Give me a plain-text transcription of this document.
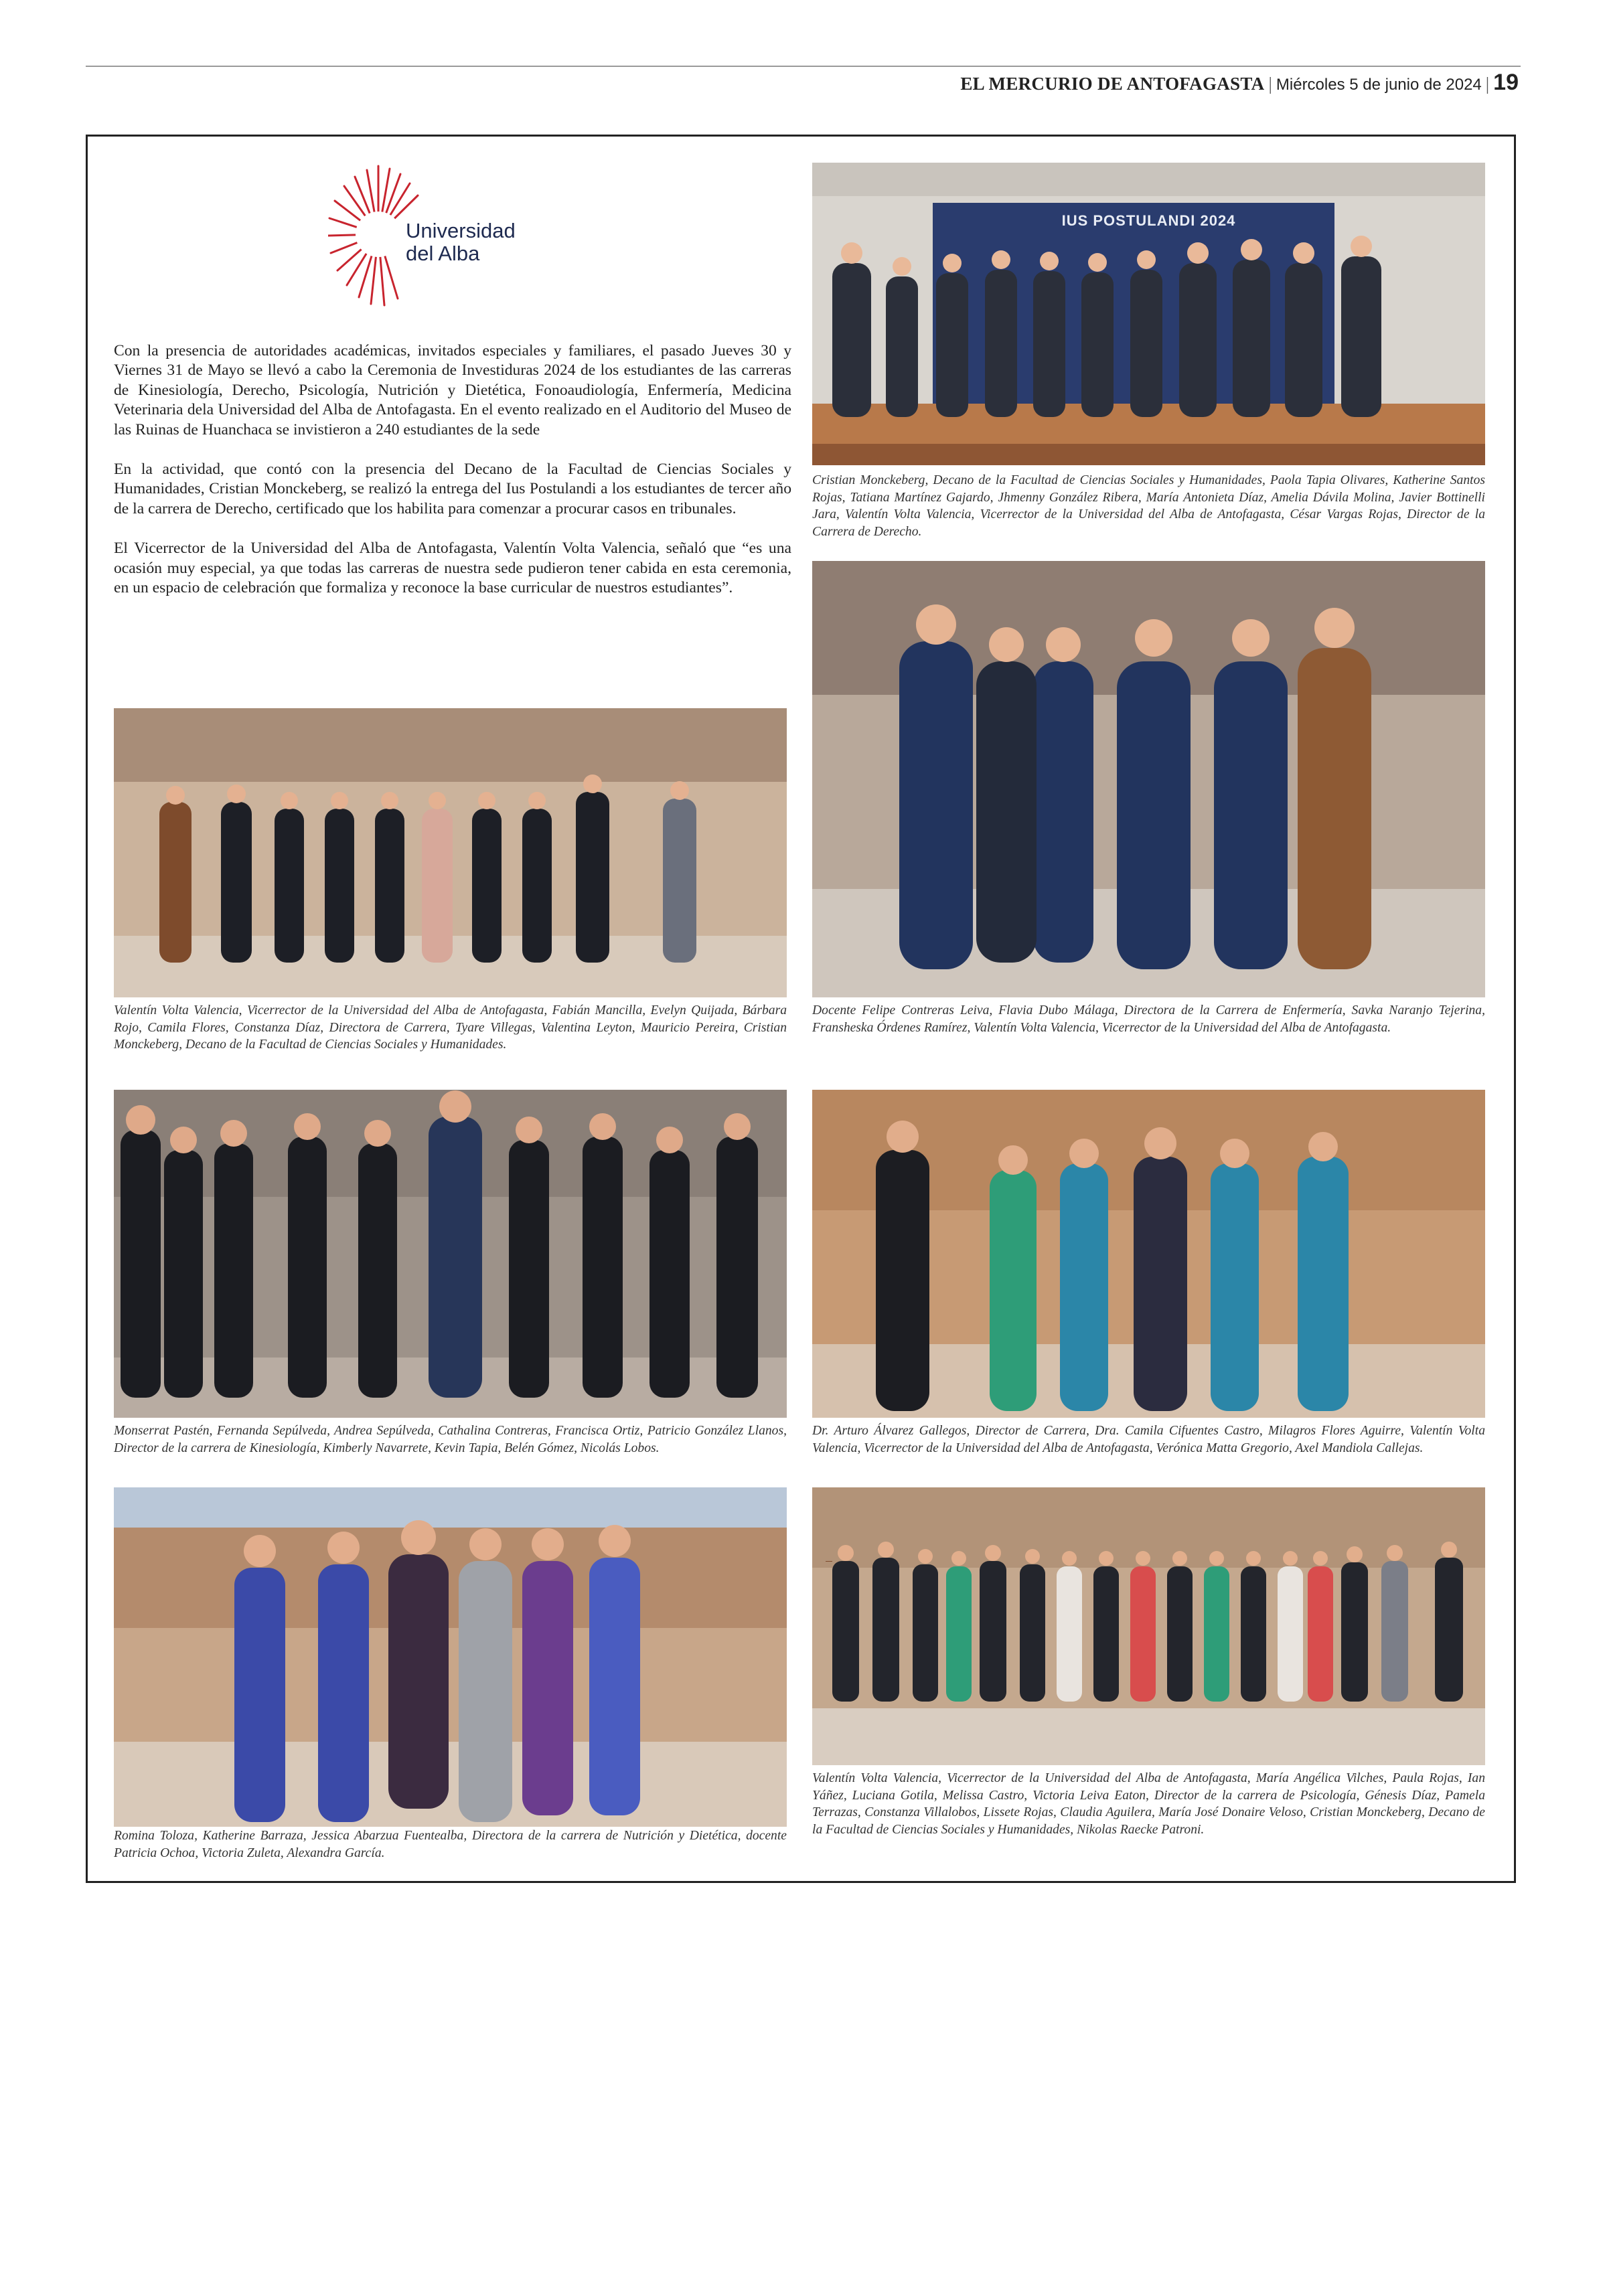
EL MERCURIO DE ANTOFAGASTA | Miércoles 5 de junio de 2024 | 19
Universidad
del Alba

Con la presencia de autoridades académicas, invitados especiales y familiares, el pasado Jueves 30 y Viernes 31 de Mayo se llevó a cabo la Ceremonia de Investiduras 2024 de los estudiantes de las carreras de Kinesiología, Derecho, Psicología, Nutrición y Dietética, Fonoaudiología, Enfermería, Medicina Veterinaria dela Universidad del Alba de Antofagasta. En el evento realizado en el Auditorio del Museo de las Ruinas de Huanchaca se invistieron a 240 estudiantes de la sede

En la actividad, que contó con la presencia del Decano de la Facultad de Ciencias Sociales y Humanidades, Cristian Monckeberg, se realizó la entrega del Ius Postulandi a los estudiantes de tercer año de la carrera de Derecho, certificado que los habilita para comenzar a procurar casos en tribunales.

El Vicerrector de la Universidad del Alba de Antofagasta, Valentín Volta Valencia, señaló que “es una ocasión muy especial, ya que todas las carreras de nuestra sede pudieron tener cabida en esta ceremonia, en un espacio de celebración que formaliza y reconoce la base curricular de nuestros estudiantes”.

IUS POSTULANDI 2024
Cristian Monckeberg, Decano de la Facultad de Ciencias Sociales y Humanidades, Paola Tapia Olivares, Katherine Santos Rojas, Tatiana Martínez Gajardo, Jhmenny González Ribera, María Antonieta Díaz, Amelia Dávila Molina, Javier Bottinelli Jara, Valentín Volta Valencia, Vicerrector de la Universidad del Alba de Antofagasta, César Vargas Rojas, Director de la Carrera de Derecho.
Docente Felipe Contreras Leiva, Flavia Dubo Málaga, Directora de la Carrera de Enfermería, Savka Naranjo Tejerina, Fransheska Órdenes Ramírez, Valentín Volta Valencia, Vicerrector de la Universidad del Alba de Antofagasta.
Valentín Volta Valencia, Vicerrector de la Universidad del Alba de Antofagasta, Fabián Mancilla, Evelyn Quijada, Bárbara Rojo, Camila Flores, Constanza Díaz, Directora de Carrera, Tyare Villegas, Valentina Leyton, Mauricio Pereira, Cristian Monckeberg, Decano de la Facultad de Ciencias Sociales y Humanidades.
Monserrat Pastén, Fernanda Sepúlveda, Andrea Sepúlveda, Cathalina Contreras, Francisca Ortiz, Patricio González Llanos, Director de la carrera de Kinesiología, Kimberly Navarrete, Kevin Tapia, Belén Gómez, Nicolás Lobos.
Dr. Arturo Álvarez Gallegos, Director de Carrera, Dra. Camila Cifuentes Castro, Milagros Flores Aguirre, Valentín Volta Valencia, Vicerrector de la Universidad del Alba de Antofagasta, Verónica Matta Gregorio, Axel Mandiola Callejas.
Romina Toloza, Katherine Barraza, Jessica Abarzua Fuentealba, Directora de la carrera de Nutrición y Dietética, docente Patricia Ochoa, Victoria Zuleta, Alexandra García.
Valentín Volta Valencia, Vicerrector de la Universidad del Alba de Antofagasta, María Angélica Vilches, Paula Rojas, Ian Yáñez, Luciana Gotila, Melissa Castro, Victoria Leiva Eaton, Director de la carrera de Psicología, Génesis Díaz, Pamela Terrazas, Constanza Villalobos, Lissete Rojas, Claudia Aguilera, María José Donaire Veloso, Cristian Monckeberg, Decano de la Facultad de Ciencias Sociales y Humanidades, Nikolas Raecke Patroni.
